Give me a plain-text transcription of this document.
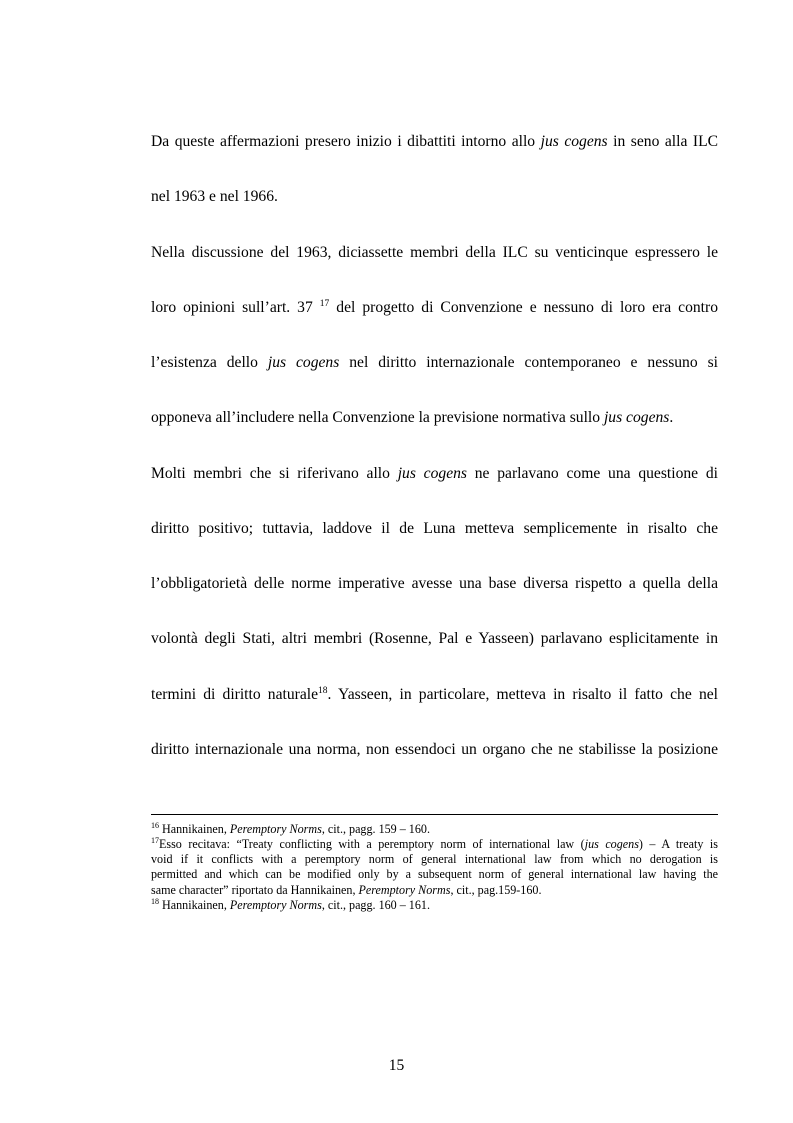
Da queste affermazioni presero inizio i dibattiti intorno allo jus cogens in seno alla ILC
nel 1963 e nel 1966.
Nella discussione del 1963, diciassette membri della ILC su venticinque espressero le
loro opinioni sull’art. 37 $^{17}$ del progetto di Convenzione e nessuno di loro era contro
l’esistenza dello jus cogens nel diritto internazionale contemporaneo e nessuno si
opponeva all’includere nella Convenzione la previsione normativa sullo jus cogens.
Molti membri che si riferivano allo jus cogens ne parlavano come una questione di
diritto positivo; tuttavia, laddove il de Luna metteva semplicemente in risalto che
l’obbligatorietà delle norme imperative avesse una base diversa rispetto a quella della
volontà degli Stati, altri membri (Rosenne, Pal e Yasseen) parlavano esplicitamente in
termini di diritto naturale$^{18}$. Yasseen, in particolare, metteva in risalto il fatto che nel
diritto internazionale una norma, non essendoci un organo che ne stabilisse la posizione
$^{16}$ Hannikainen, Peremptory Norms, cit., pagg. 159 – 160.
$^{17}$Esso recitava: “Treaty conflicting with a peremptory norm of international law (jus cogens) – A treaty is
void if it conflicts with a peremptory norm of general international law from which no derogation is
permitted and which can be modified only by a subsequent norm of general international law having the
same character” riportato da Hannikainen, Peremptory Norms, cit., pag.159-160.
$^{18}$ Hannikainen, Peremptory Norms, cit., pagg. 160 – 161.
15
